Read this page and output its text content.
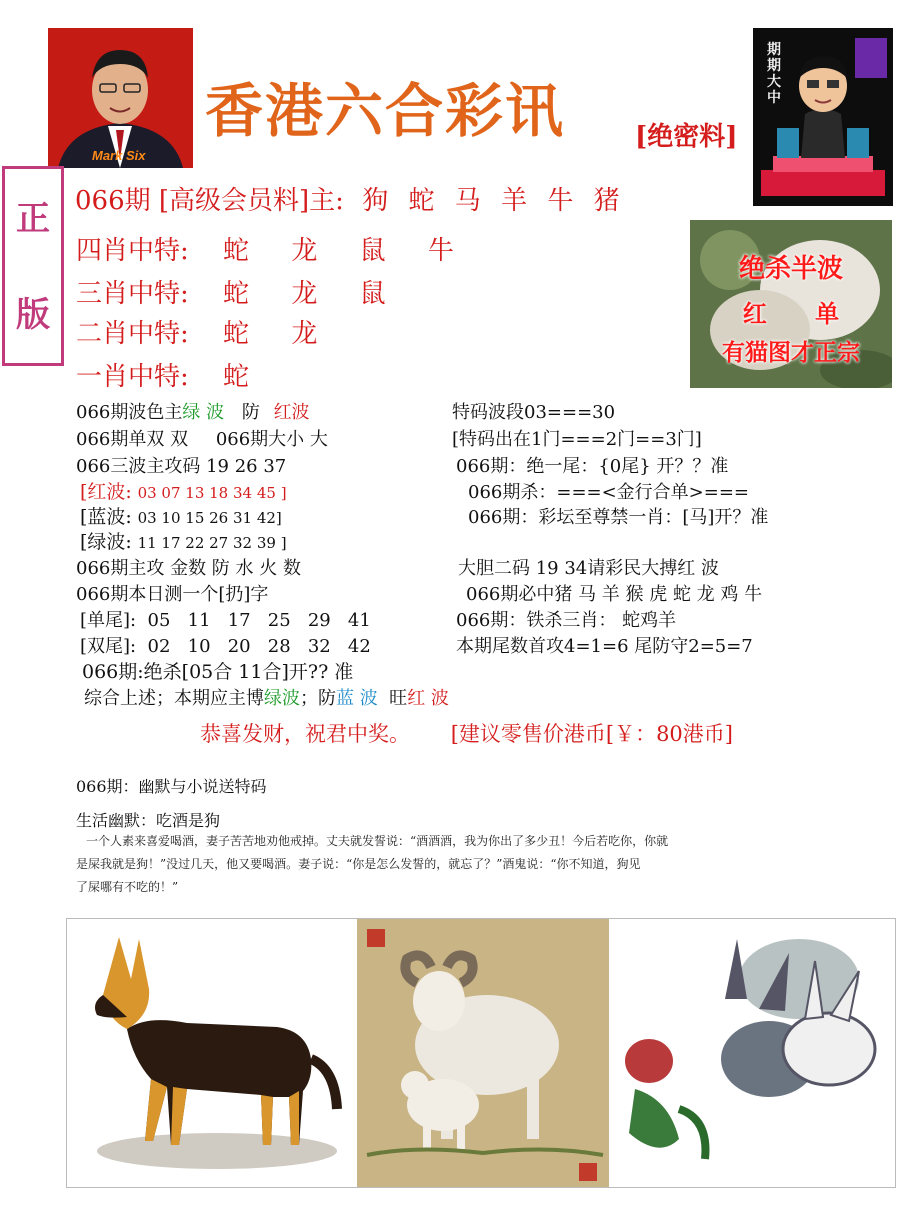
Mark Six
香港六合彩讯	[绝密料]
期期大中
正
版
066期 [高级会员料]主: 狗 蛇 马 羊 牛 猪
四肖中特: 蛇 龙 鼠 牛
三肖中特: 蛇 龙 鼠
二肖中特: 蛇 龙
一肖中特: 蛇
绝杀半波
红 单
有猫图才正宗
066期波色主绿 波 防 红波
066期单双 双 066期大小 大
066三波主攻码 19 26 37
[红波: 03 07 13 18 34 45 ]
[蓝波: 03 10 15 26 31 42]
[绿波: 11 17 22 27 32 39 ]
066期主攻 金数 防 水 火 数
066期本日测一个[扔]字
[单尾]:  05   11   17   25   29   41
[双尾]:  02   10   20   28   32   42
066期:绝杀[05合 11合]开?? 准
综合上述；本期应主博绿波；防蓝 波  旺红 波
特码波段03===30
[特码出在1门===2门==3门]
066期：绝一尾：{0尾} 开？？准
066期杀：===<金行合单>===
066期：彩坛至尊禁一肖：[马]开？准
大胆二码 19 34请彩民大搏红 波
066期必中猪 马 羊 猴 虎 蛇 龙 鸡 牛
066期：铁杀三肖： 蛇鸡羊
本期尾数首攻4=1=6 尾防守2=5=7
恭喜发财，祝君中奖。 [建议零售价港币[￥：80港币]
066期：幽默与小说送特码
生活幽默：吃酒是狗
一个人素来喜爱喝酒，妻子苦苦地劝他戒掉。丈夫就发誓说：“酒酒酒，我为你出了多少丑！今后若吃你，你就
是屎我就是狗！”没过几天，他又要喝酒。妻子说：“你是怎么发誓的，就忘了？”酒鬼说：“你不知道，狗见
了屎哪有不吃的！”
